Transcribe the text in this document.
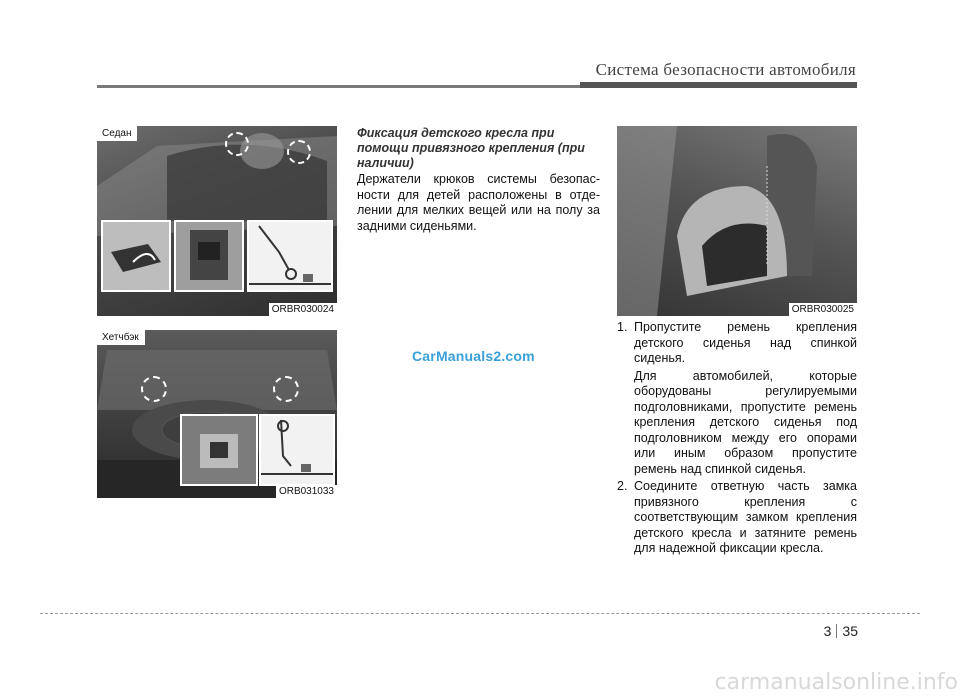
Система безопасности автомобиля
Седан
ORBR030024
Хетчбэк
ORB031033
Фиксация детского кресла при помощи привязного крепления (при наличии)
Держатели крюков системы безопас-ности для детей расположены в отде-лении для мелких вещей или на полу за задними сиденьями.
ORBR030025
1. Пропустите ремень крепления детского сиденья над спинкой сиденья.

Для автомобилей, которые оборудованы регулируемыми подголовниками, пропустите ремень крепления детского сиденья под подголовником между его опорами или иным образом пропустите ремень над спинкой сиденья.

2. Соедините ответную часть замка привязного крепления с соответствующим замком крепления детского кресла и затяните ремень для надежной фиксации кресла.

CarManuals2.com
3 35
carmanualsonline.info
